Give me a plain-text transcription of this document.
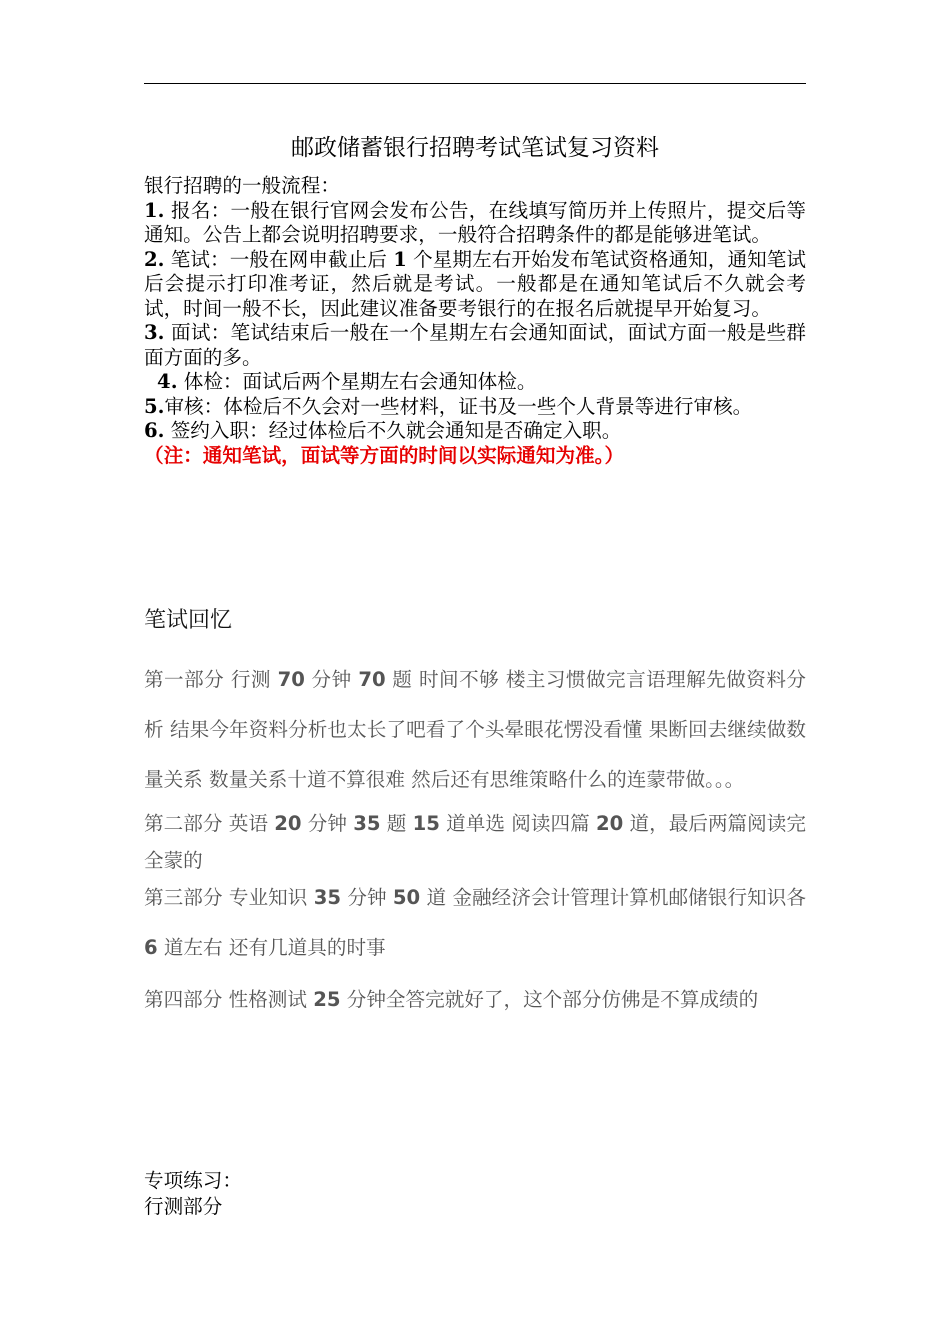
邮政储蓄银行招聘考试笔试复习资料
银行招聘的一般流程：
1. 报名：一般在银行官网会发布公告，在线填写简历并上传照片，提交后等通知。公告上都会说明招聘要求，一般符合招聘条件的都是能够进笔试。
2. 笔试：一般在网申截止后 1 个星期左右开始发布笔试资格通知，通知笔试后会提示打印准考证，然后就是考试。一般都是在通知笔试后不久就会考试，时间一般不长，因此建议准备要考银行的在报名后就提早开始复习。
3. 面试：笔试结束后一般在一个星期左右会通知面试，面试方面一般是些群面方面的多。
4. 体检：面试后两个星期左右会通知体检。
5.审核：体检后不久会对一些材料，证书及一些个人背景等进行审核。
6. 签约入职：经过体检后不久就会通知是否确定入职。
（注：通知笔试，面试等方面的时间以实际通知为准。）
笔试回忆

第一部分 行测 70 分钟 70 题 时间不够 楼主习惯做完言语理解先做资料分析 结果今年资料分析也太长了吧看了个头晕眼花愣没看懂 果断回去继续做数量关系 数量关系十道不算很难 然后还有思维策略什么的连蒙带做。。。

第二部分 英语 20 分钟 35 题 15 道单选 阅读四篇 20 道，最后两篇阅读完全蒙的

第三部分 专业知识 35 分钟 50 道 金融经济会计管理计算机邮储银行知识各 6 道左右 还有几道具的时事

第四部分 性格测试 25 分钟全答完就好了，这个部分仿佛是不算成绩的

专项练习：
行测部分
